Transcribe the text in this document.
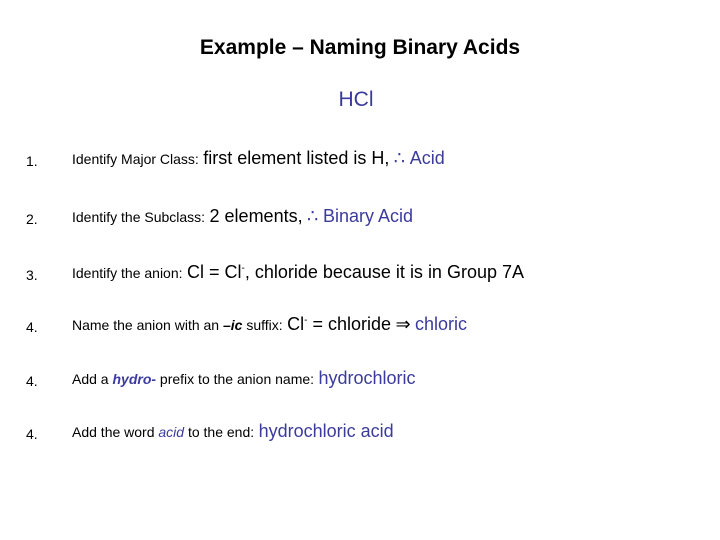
Example – Naming Binary Acids
HCl
1. Identify Major Class: first element listed is H, ∴ Acid
2. Identify the Subclass: 2 elements, ∴ Binary Acid
3. Identify the anion: Cl = Cl-, chloride because it is in Group 7A
4. Name the anion with an –ic suffix: Cl- = chloride ⇒ chloric
4. Add a hydro- prefix to the anion name: hydrochloric
4. Add the word acid to the end: hydrochloric acid
